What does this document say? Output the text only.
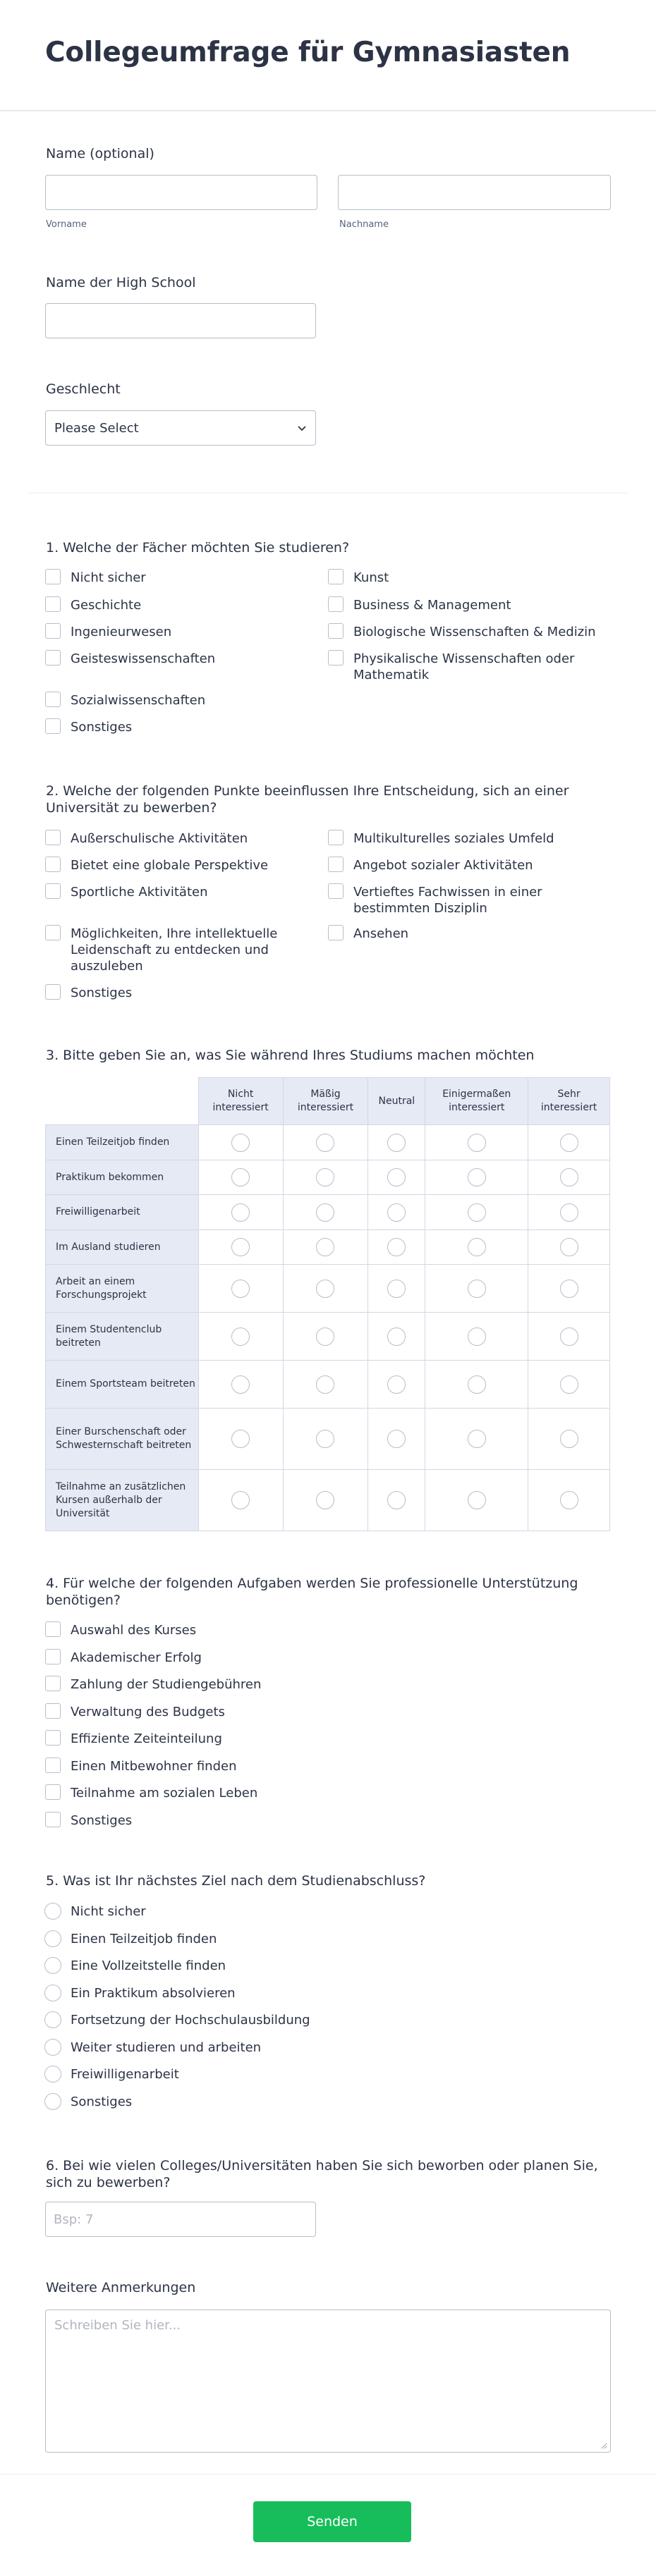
Collegeumfrage für Gymnasiasten
Name (optional)
Vorname	Nachname
Name der High School
Geschlecht
Please Select
1. Welche der Fächer möchten Sie studieren?
Nicht sicher	Kunst
Geschichte	Business & Management
Ingenieurwesen	Biologische Wissenschaften & Medizin
Geisteswissenschaften	Physikalische Wissenschaften oder Mathematik
Sozialwissenschaften
Sonstiges
2. Welche der folgenden Punkte beeinflussen Ihre Entscheidung, sich an einer Universität zu bewerben?
Außerschulische Aktivitäten	Multikulturelles soziales Umfeld
Bietet eine globale Perspektive	Angebot sozialer Aktivitäten
Sportliche Aktivitäten	Vertieftes Fachwissen in einer bestimmten Disziplin
Möglichkeiten, Ihre intellektuelle Leidenschaft zu entdecken und auszuleben
Ansehen
Sonstiges
3. Bitte geben Sie an, was Sie während Ihres Studiums machen möchten
	Nicht interessiert	Mäßig interessiert	Neutral	Einigermaßen interessiert	Sehr interessiert
Einen Teilzeitjob finden					
Praktikum bekommen					
Freiwilligenarbeit					
Im Ausland studieren					
Arbeit an einem Forschungsprojekt					
Einem Studentenclub beitreten					
Einem Sportsteam beitreten					
Einer Burschenschaft oder Schwesternschaft beitreten					
Teilnahme an zusätzlichen Kursen außerhalb der Universität					
4. Für welche der folgenden Aufgaben werden Sie professionelle Unterstützung benötigen?
Auswahl des Kurses
Akademischer Erfolg
Zahlung der Studiengebühren
Verwaltung des Budgets
Effiziente Zeiteinteilung
Einen Mitbewohner finden
Teilnahme am sozialen Leben
Sonstiges
5. Was ist Ihr nächstes Ziel nach dem Studienabschluss?
Nicht sicher
Einen Teilzeitjob finden
Eine Vollzeitstelle finden
Ein Praktikum absolvieren
Fortsetzung der Hochschulausbildung
Weiter studieren und arbeiten
Freiwilligenarbeit
Sonstiges
6. Bei wie vielen Colleges/Universitäten haben Sie sich beworben oder planen Sie, sich zu bewerben?
Bsp: 7
Weitere Anmerkungen
Schreiben Sie hier...
Senden
